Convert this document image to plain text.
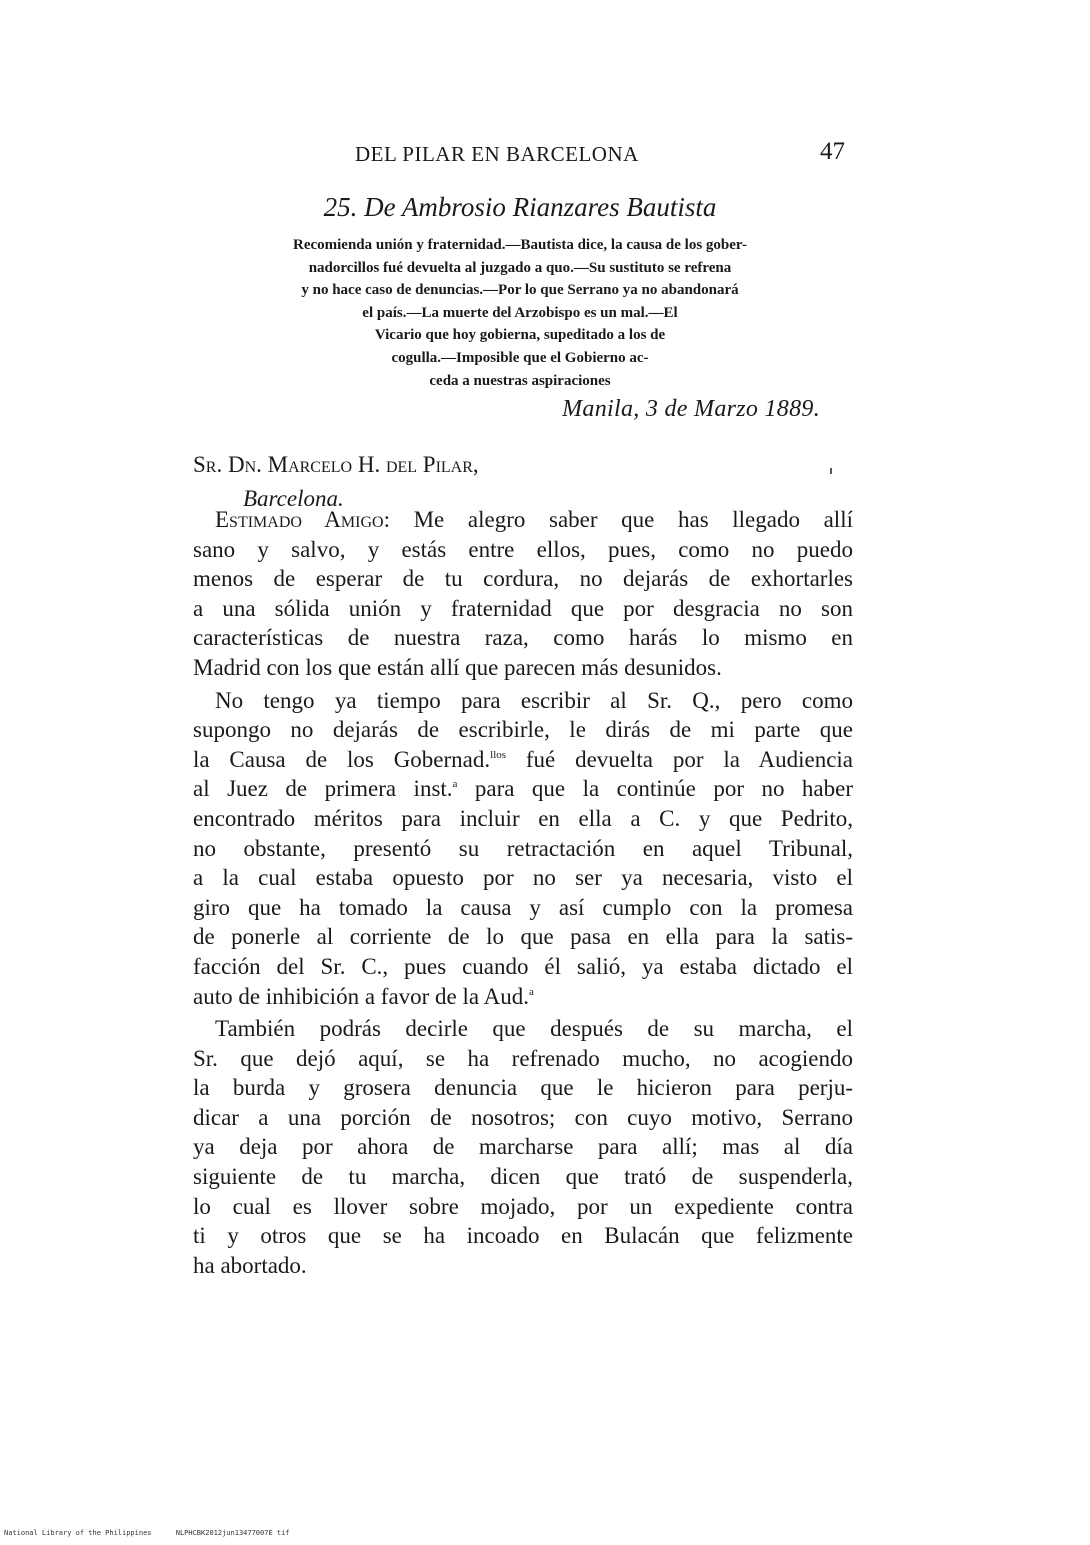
DEL PILAR EN BARCELONA	47
25. De Ambrosio Rianzares Bautista
Recomienda unión y fraternidad.—Bautista dice, la causa de los gober-
nadorcillos fué devuelta al juzgado a quo.—Su sustituto se refrena
y no hace caso de denuncias.—Por lo que Serrano ya no abandonará
el país.—La muerte del Arzobispo es un mal.—El
Vicario que hoy gobierna, supeditado a los de
cogulla.—Imposible que el Gobierno ac-
ceda a nuestras aspiraciones
Manila, 3 de Marzo 1889.
Sr. Dn. Marcelo H. del Pilar,
Barcelona.
Estimado Amigo: Me alegro saber que has llegado allí
sano y salvo, y estás entre ellos, pues, como no puedo
menos de esperar de tu cordura, no dejarás de exhortarles
a una sólida unión y fraternidad que por desgracia no son
características de nuestra raza, como harás lo mismo en
Madrid con los que están allí que parecen más desunidos.
No tengo ya tiempo para escribir al Sr. Q., pero como
supongo no dejarás de escribirle, le dirás de mi parte que
la Causa de los Gobernad.$^{llos}$ fué devuelta por la Audiencia
al Juez de primera inst.$^a$ para que la continúe por no haber
encontrado méritos para incluir en ella a C. y que Pedrito,
no obstante, presentó su retractación en aquel Tribunal,
a la cual estaba opuesto por no ser ya necesaria, visto el
giro que ha tomado la causa y así cumplo con la promesa
de ponerle al corriente de lo que pasa en ella para la satis-
facción del Sr. C., pues cuando él salió, ya estaba dictado el
auto de inhibición a favor de la Aud.$^a$
También podrás decirle que después de su marcha, el
Sr. que dejó aquí, se ha refrenado mucho, no acogiendo
la burda y grosera denuncia que le hicieron para perju-
dicar a una porción de nosotros; con cuyo motivo, Serrano
ya deja por ahora de marcharse para allí; mas al día
siguiente de tu marcha, dicen que trató de suspenderla,
lo cual es llover sobre mojado, por un expediente contra
ti y otros que se ha incoado en Bulacán que felizmente
ha abortado.
National Library of the Philippines	NLPHCBK2012jun13477007E tif
